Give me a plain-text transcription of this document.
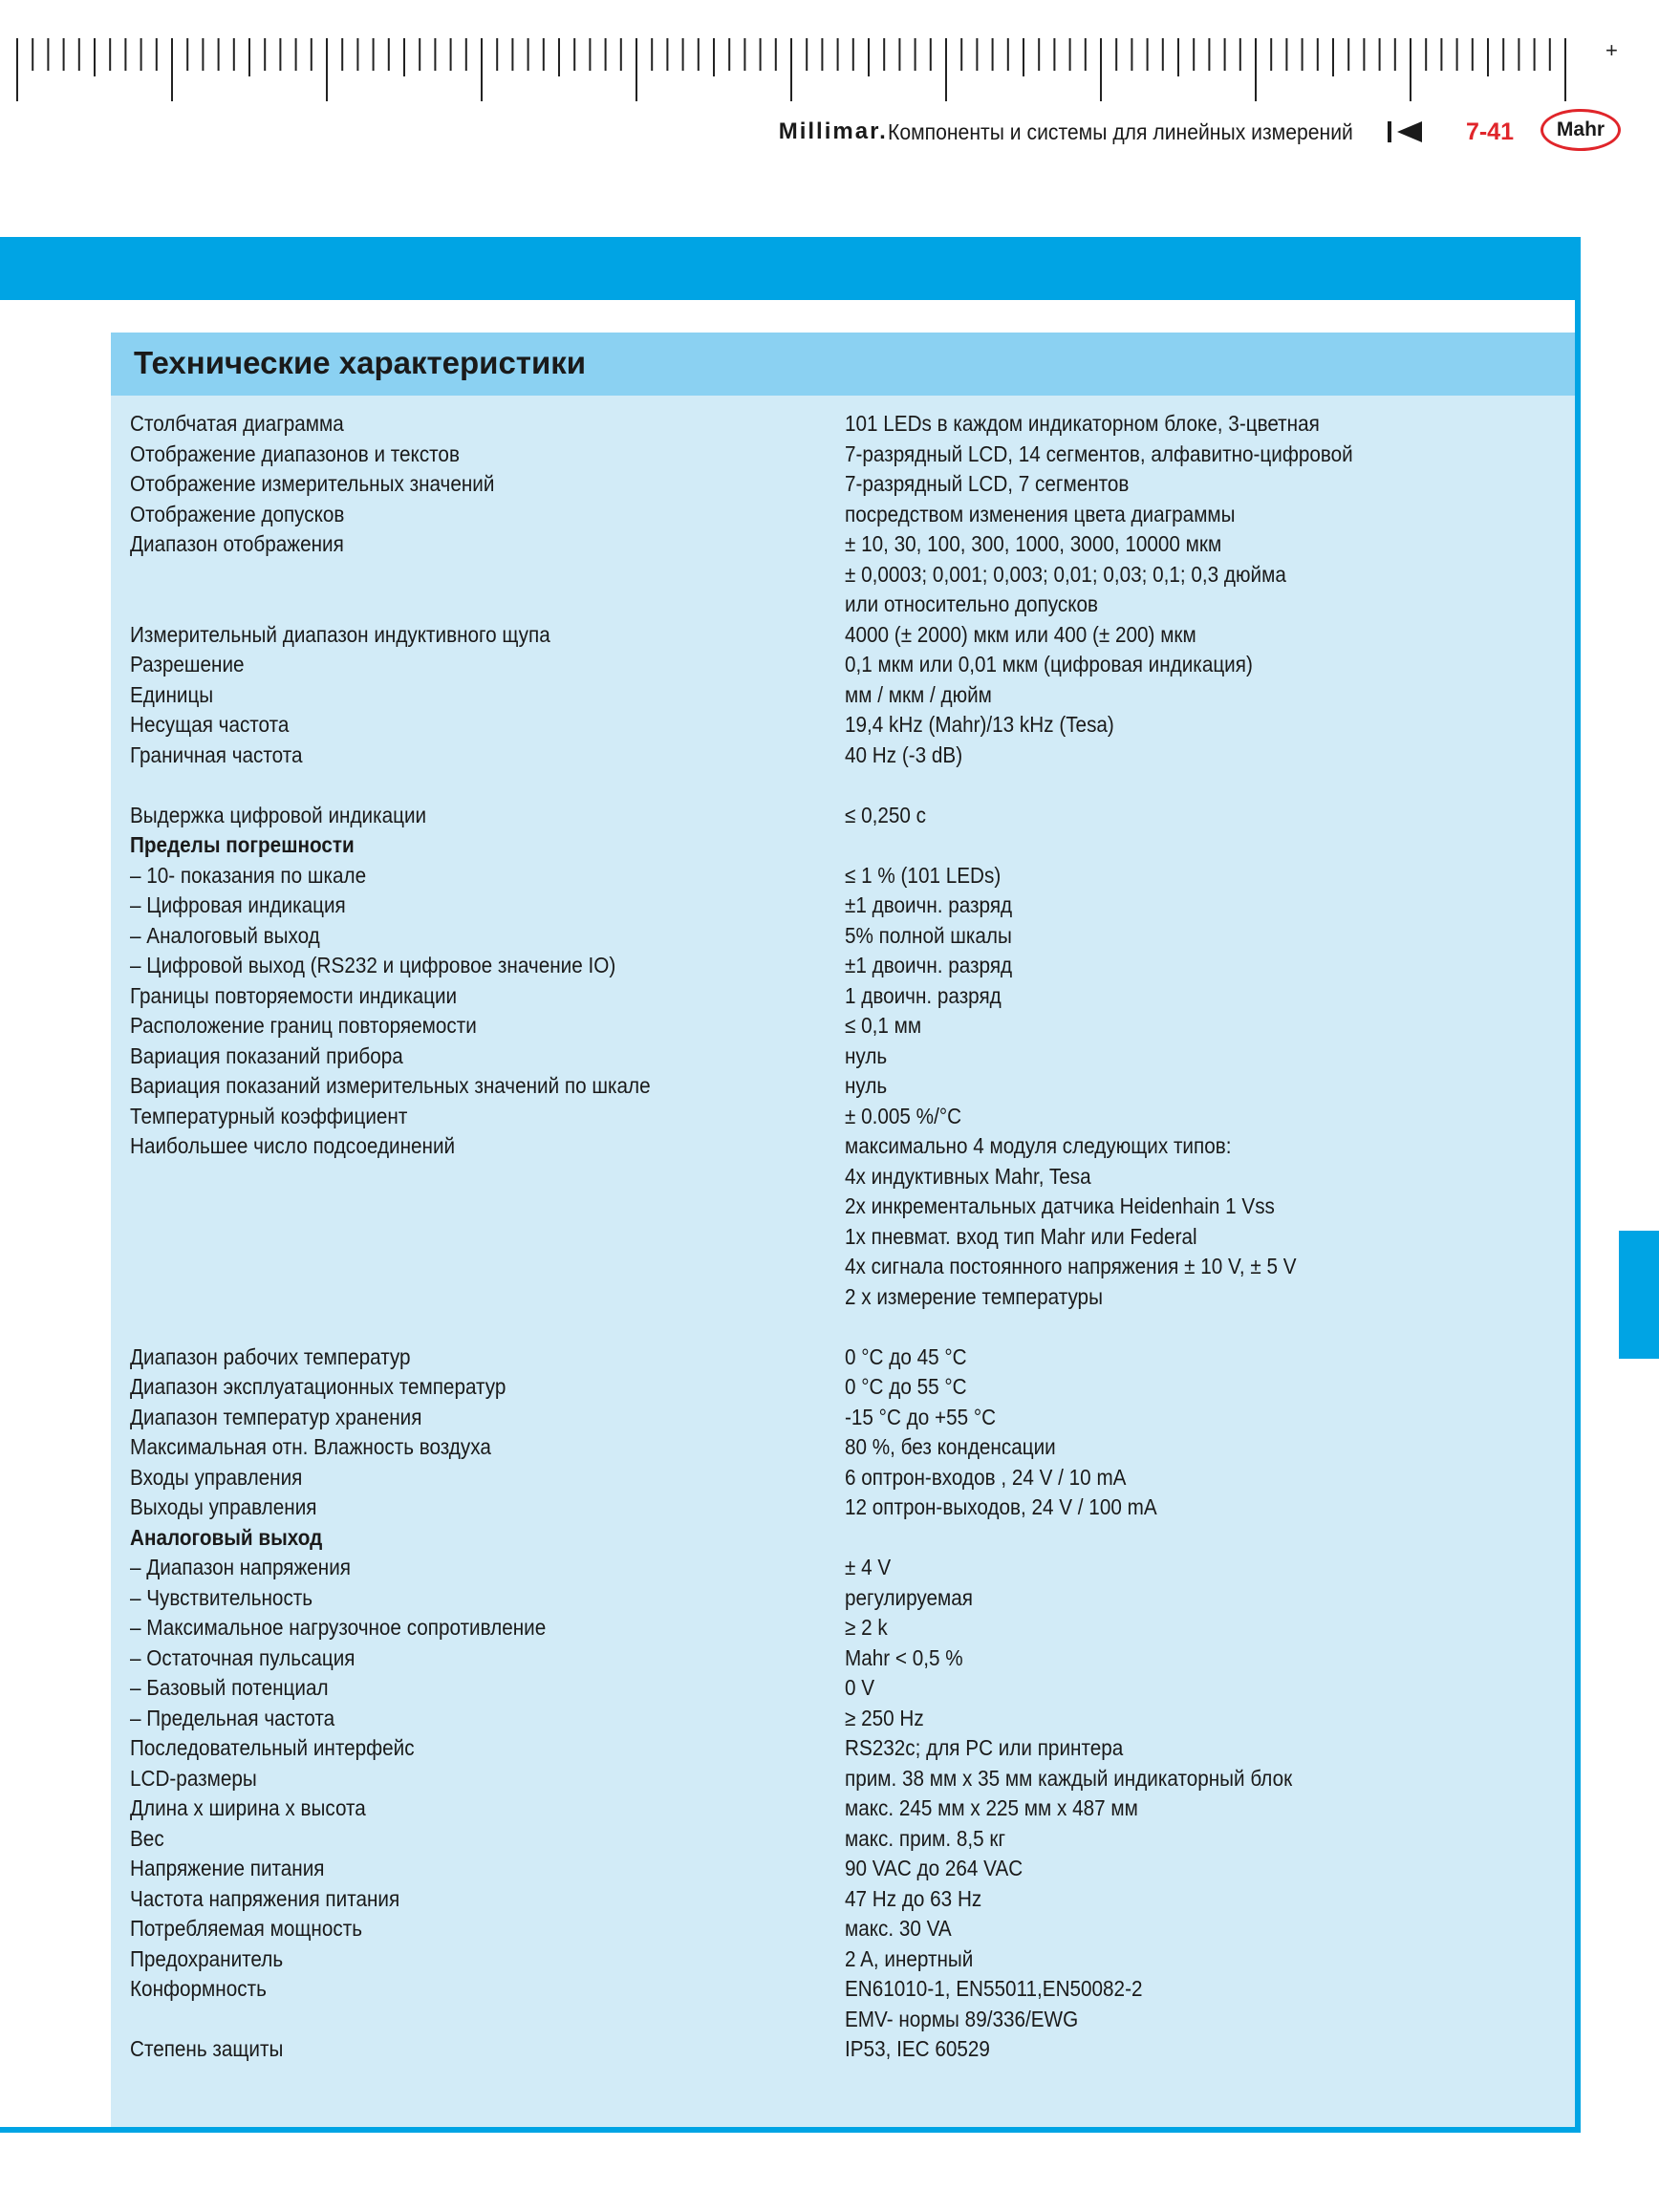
+
Millimar. Компоненты и системы для линейных измерений	7-41 Mahr
Технические характеристики
Столбчатая диаграмма	101 LEDs в каждом индикаторном блоке, 3-цветная
Отображение диапазонов и текстов	7-разрядный LCD, 14 сегментов, алфавитно-цифровой
Отображение измерительных значений	7-разрядный LCD, 7 сегментов
Отображение допусков	посредством изменения цвета диаграммы
Диапазон отображения	± 10, 30, 100, 300, 1000, 3000, 10000 мкм
± 0,0003; 0,001; 0,003; 0,01; 0,03; 0,1; 0,3 дюйма
или относительно допусков
Измерительный диапазон индуктивного щупа	4000 (± 2000) мкм или 400 (± 200) мкм
Разрешение	0,1 мкм или 0,01 мкм (цифровая индикация)
Единицы	мм / мкм / дюйм
Несущая частота	19,4 kHz (Mahr)/13 kHz (Tesa)
Граничная частота	40 Hz (-3 dB)
Выдержка цифровой индикации	≤ 0,250 с
Пределы погрешности
– 10- показания по шкале	≤ 1 % (101 LEDs)
– Цифровая индикация	±1 двоичн. разряд
– Аналоговый выход	5% полной шкалы
– Цифровой выход (RS232 и цифровое значение IO)	±1 двоичн. разряд
Границы повторяемости индикации	1 двоичн. разряд
Расположение границ повторяемости	≤ 0,1 мм
Вариация показаний прибора	нуль
Вариация показаний измерительных значений по шкале	нуль
Температурный коэффициент	± 0.005 %/°C
Наибольшее число подсоединений	максимально 4 модуля следующих типов:
4x индуктивных Mahr, Tesa
2x инкрементальных датчика Heidenhain 1 Vss
1x пневмат. вход тип Mahr или Federal
4x сигнала постоянного напряжения ± 10 V, ± 5 V
2 x измерение температуры
Диапазон рабочих температур	0 °C до 45 °C
Диапазон эксплуатационных температур	0 °C до 55 °C
Диапазон температур хранения	-15 °C до +55 °C
Максимальная отн. Влажность воздуха	80 %, без конденсации
Входы управления	6 оптрон-входов , 24 V / 10 mA
Выходы управления	12 оптрон-выходов, 24 V / 100 mA
Аналоговый выход
– Диапазон напряжения	± 4 V
– Чувствительность	регулируемая
– Максимальное нагрузочное сопротивление	≥ 2 k
– Остаточная пульсация	Mahr < 0,5 %
– Базовый потенциал	0 V
– Предельная частота	≥ 250 Hz
Последовательный интерфейс	RS232c; для PC или принтера
LCD-размеры	прим. 38 мм x 35 мм каждый индикаторный блок
Длина x ширина x высота	макс. 245 мм x 225 мм x 487 мм
Вес	макс. прим. 8,5 кг
Напряжение питания	90 VAC до 264 VAC
Частота напряжения питания	47 Hz до 63 Hz
Потребляемая мощность	макс. 30 VA
Предохранитель	2 A, инертный
Конформность	EN61010-1, EN55011,EN50082-2
EMV- нормы 89/336/EWG
Степень защиты	IP53, IEC 60529
